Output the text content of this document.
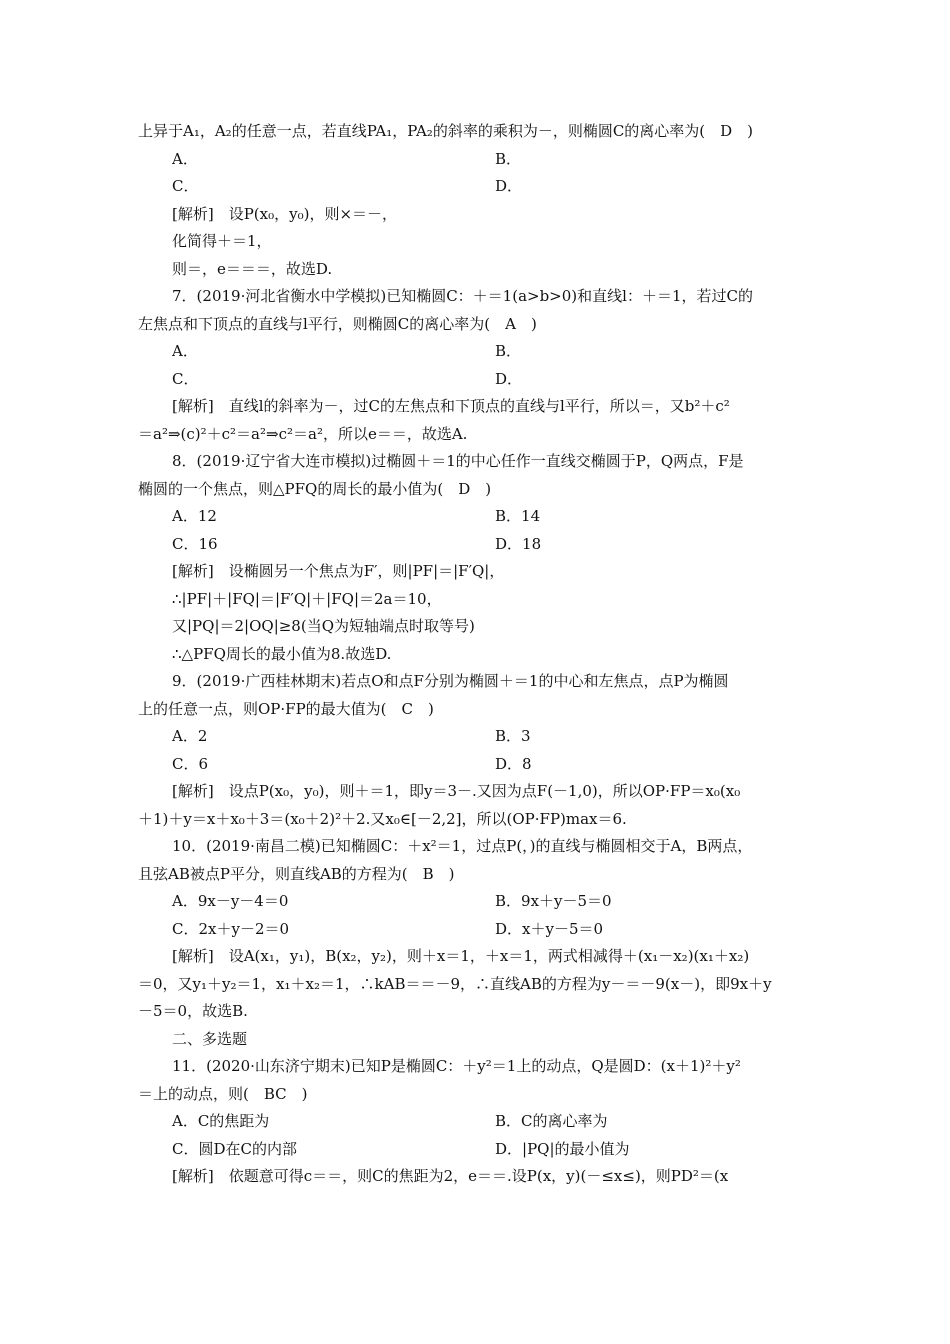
上异于A₁，A₂的任意一点，若直线PA₁，PA₂的斜率的乘积为－，则椭圆C的离心率为(　D　)
A．	B．
C．	D．
[解析]　设P(x₀，y₀)，则×＝－，
化简得＋＝1，
则＝，e＝＝＝，故选D.
7．(2019·河北省衡水中学模拟)已知椭圆C：＋＝1(a>b>0)和直线l：＋＝1，若过C的
左焦点和下顶点的直线与l平行，则椭圆C的离心率为(　A　)
A．	B．
C．	D．
[解析]　直线l的斜率为－，过C的左焦点和下顶点的直线与l平行，所以＝，又b²＋c²
＝a²⇒(c)²＋c²＝a²⇒c²＝a²，所以e＝＝，故选A.
8．(2019·辽宁省大连市模拟)过椭圆＋＝1的中心任作一直线交椭圆于P，Q两点，F是
椭圆的一个焦点，则△PFQ的周长的最小值为(　D　)
A．12	B．14
C．16	D．18
[解析]　设椭圆另一个焦点为F′，则|PF|＝|F′Q|，
∴|PF|＋|FQ|＝|F′Q|＋|FQ|＝2a＝10，
又|PQ|＝2|OQ|≥8(当Q为短轴端点时取等号)
∴△PFQ周长的最小值为8.故选D.
9．(2019·广西桂林期末)若点O和点F分别为椭圆＋＝1的中心和左焦点，点P为椭圆
上的任意一点，则OP·FP的最大值为(　C　)
A．2	B．3
C．6	D．8
[解析]　设点P(x₀，y₀)，则＋＝1，即y＝3－.又因为点F(－1,0)，所以OP·FP＝x₀(x₀
＋1)＋y＝x＋x₀＋3＝(x₀＋2)²＋2.又x₀∈[－2,2]，所以(OP·FP)max＝6.
10．(2019·南昌二模)已知椭圆C：＋x²＝1，过点P(，)的直线与椭圆相交于A，B两点，
且弦AB被点P平分，则直线AB的方程为(　B　)
A．9x－y－4＝0	B．9x＋y－5＝0
C．2x＋y－2＝0	D．x＋y－5＝0
[解析]　设A(x₁，y₁)，B(x₂，y₂)，则＋x＝1，＋x＝1，两式相减得＋(x₁－x₂)(x₁＋x₂)
＝0，又y₁＋y₂＝1，x₁＋x₂＝1，∴kAB＝＝－9，∴直线AB的方程为y－＝－9(x－)，即9x＋y
－5＝0，故选B.
二、多选题
11．(2020·山东济宁期末)已知P是椭圆C：＋y²＝1上的动点，Q是圆D：(x＋1)²＋y²
＝上的动点，则(　BC　)
A．C的焦距为	B．C的离心率为
C．圆D在C的内部	D．|PQ|的最小值为
[解析]　依题意可得c＝＝，则C的焦距为2，e＝＝.设P(x，y)(－≤x≤)，则PD²＝(x
